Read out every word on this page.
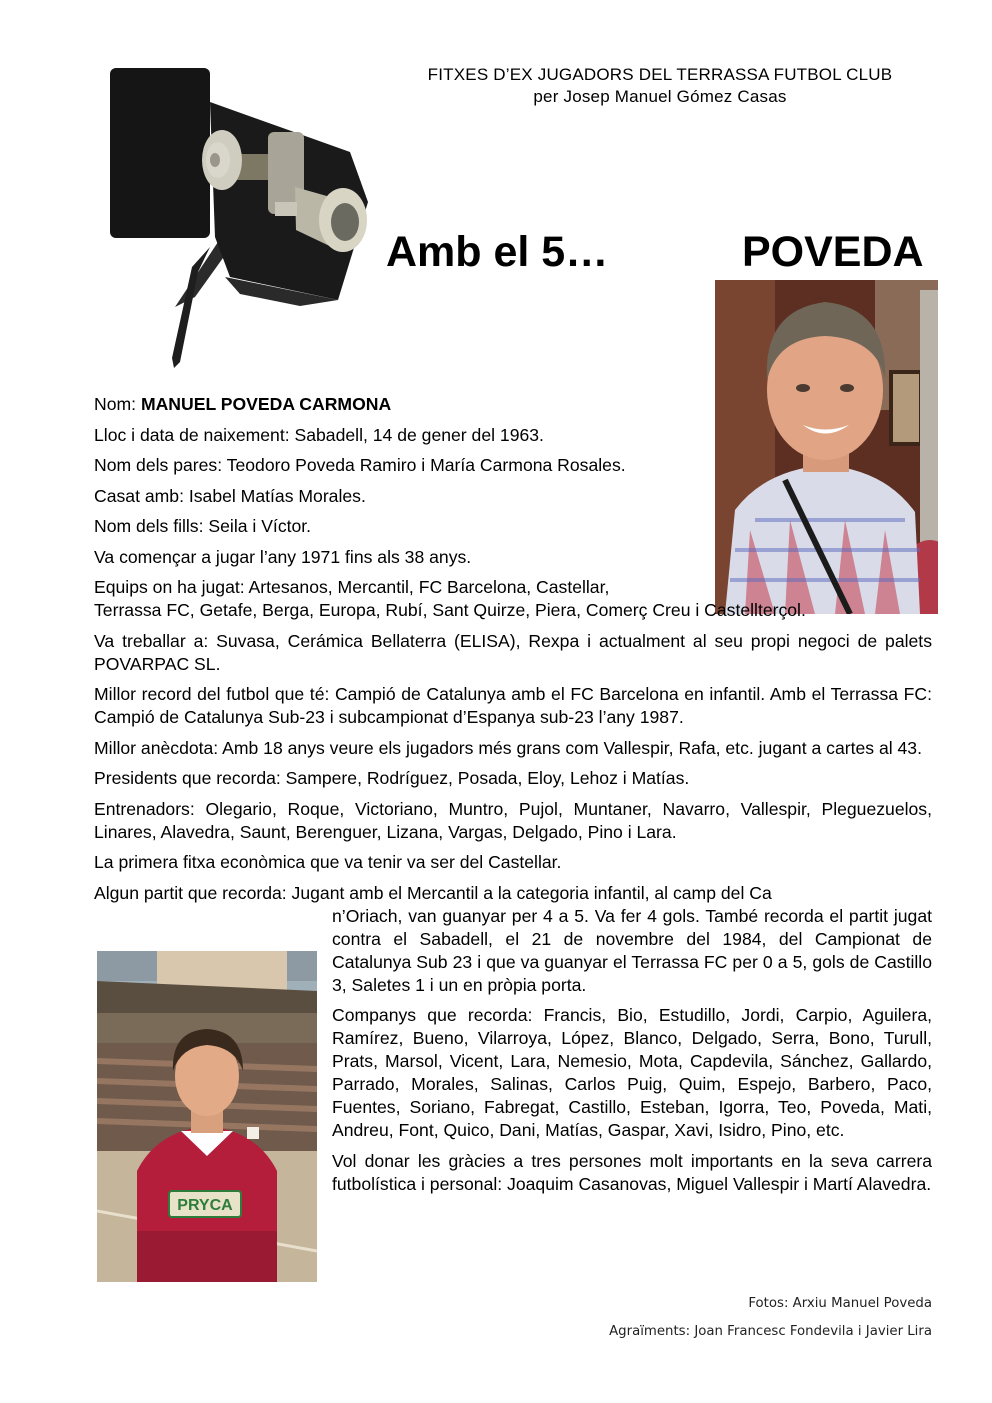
FITXES D’EX JUGADORS DEL TERRASSA FUTBOL CLUB
per Josep Manuel Gómez Casas
Amb el 5…	POVEDA

Nom: MANUEL POVEDA CARMONA

Lloc i data de naixement: Sabadell, 14 de gener del 1963.

Nom dels pares: Teodoro Poveda Ramiro i María Carmona Rosales.

Casat amb: Isabel Matías Morales.

Nom dels fills: Seila i Víctor.

Va començar a jugar l’any 1971 fins als 38 anys.

Equips on ha jugat: Artesanos, Mercantil, FC Barcelona, Castellar,
Terrassa FC, Getafe, Berga, Europa, Rubí, Sant Quirze, Piera, Comerç Creu i Castellterçol.

Va treballar a: Suvasa, Cerámica Bellaterra (ELISA), Rexpa i actualment al seu propi negoci de palets POVARPAC SL.

Millor record del futbol que té: Campió de Catalunya amb el FC Barcelona en infantil. Amb el Terrassa FC: Campió de Catalunya Sub-23 i subcampionat d’Espanya sub-23 l’any 1987.

Millor anècdota: Amb 18 anys veure els jugadors més grans com Vallespir, Rafa, etc. jugant a cartes al 43.

Presidents que recorda: Sampere, Rodríguez, Posada, Eloy, Lehoz i Matías.

Entrenadors: Olegario, Roque, Victoriano, Muntro, Pujol, Muntaner, Navarro, Vallespir, Pleguezuelos, Linares, Alavedra, Saunt, Berenguer, Lizana, Vargas, Delgado, Pino i Lara.

La primera fitxa econòmica que va tenir va ser del Castellar.

Algun partit que recorda: Jugant amb el Mercantil a la categoria infantil, al camp del Ca

n’Oriach, van guanyar per 4 a 5. Va fer 4 gols. També recorda el partit jugat contra el Sabadell, el 21 de novembre del 1984, del Campionat de Catalunya Sub 23 i que va guanyar el Terrassa FC per 0 a 5, gols de Castillo 3, Saletes 1 i un en pròpia porta.

Companys que recorda: Francis, Bio, Estudillo, Jordi, Carpio, Aguilera, Ramírez, Bueno, Vilarroya, López, Blanco, Delgado, Serra, Bono, Turull, Prats, Marsol, Vicent, Lara, Nemesio, Mota, Capdevila, Sánchez, Gallardo, Parrado, Morales, Salinas, Carlos Puig, Quim, Espejo, Barbero, Paco, Fuentes, Soriano, Fabregat, Castillo, Esteban, Igorra, Teo, Poveda, Mati, Andreu, Font, Quico, Dani, Matías, Gaspar, Xavi, Isidro, Pino, etc.

Vol donar les gràcies a tres persones molt importants en la seva carrera futbolística i personal: Joaquim Casanovas, Miguel Vallespir i Martí Alavedra.

PRYCA
Fotos: Arxiu Manuel Poveda
Agraïments: Joan Francesc Fondevila i Javier Lira
